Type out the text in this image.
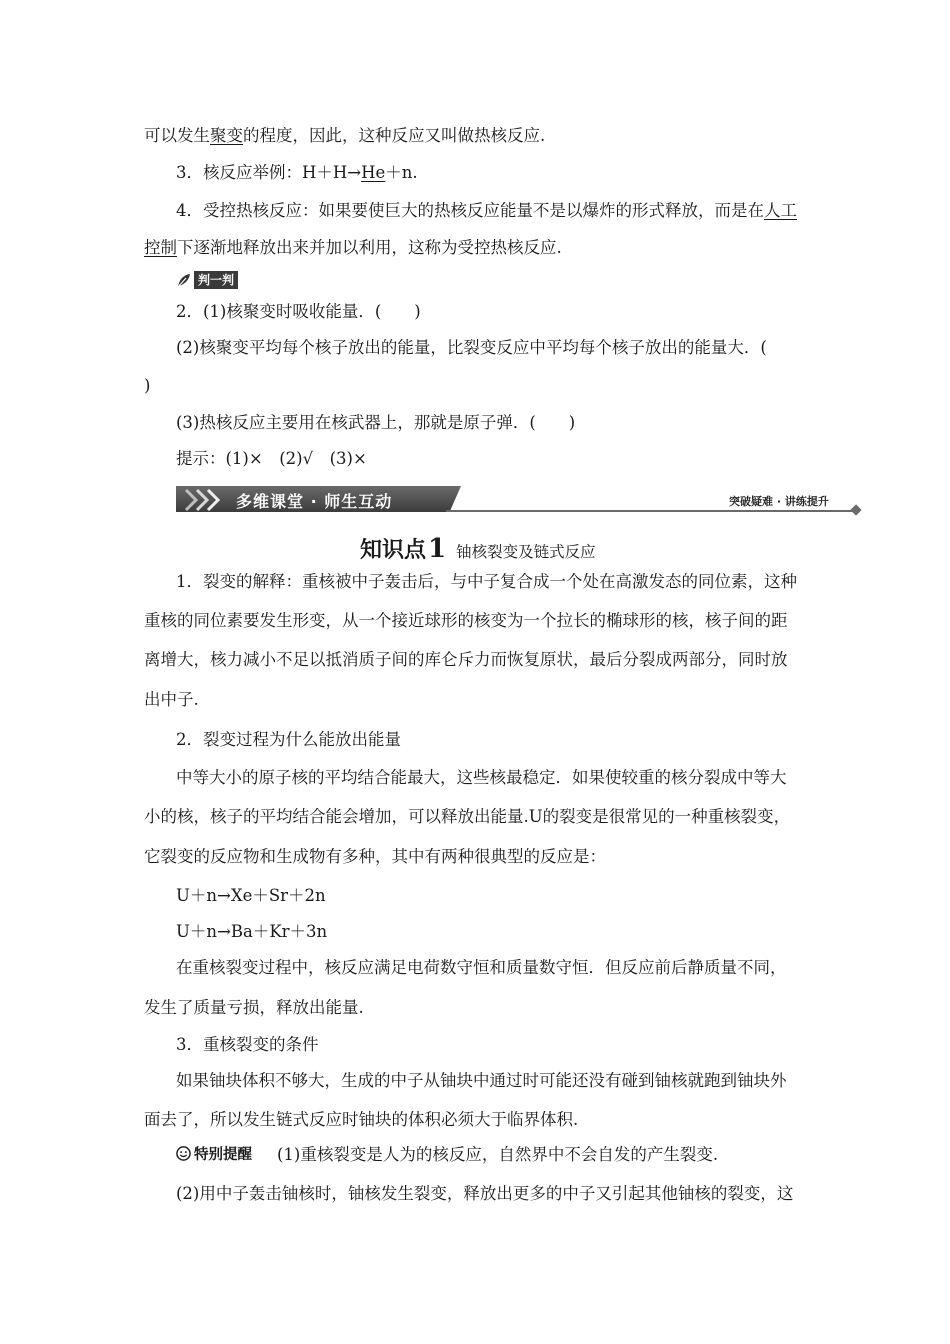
可以发生聚变的程度，因此，这种反应又叫做热核反应.
3．核反应举例：H＋H→He＋n.
4．受控热核反应：如果要使巨大的热核反应能量不是以爆炸的形式释放，而是在人工
控制下逐渐地释放出来并加以利用，这称为受控热核反应.
判一判
2．(1)核聚变时吸收能量．(　　)
(2)核聚变平均每个核子放出的能量，比裂变反应中平均每个核子放出的能量大．(
)
(3)热核反应主要用在核武器上，那就是原子弹．(　　)
提示：(1)×　(2)√　(3)×
多维课堂 · 师生互动	突破疑难 · 讲练提升
知识点 1 铀核裂变及链式反应
1．裂变的解释：重核被中子轰击后，与中子复合成一个处在高激发态的同位素，这种
重核的同位素要发生形变，从一个接近球形的核变为一个拉长的椭球形的核，核子间的距
离增大，核力减小不足以抵消质子间的库仑斥力而恢复原状，最后分裂成两部分，同时放
出中子.
2．裂变过程为什么能放出能量
中等大小的原子核的平均结合能最大，这些核最稳定．如果使较重的核分裂成中等大
小的核，核子的平均结合能会增加，可以释放出能量.U的裂变是很常见的一种重核裂变，
它裂变的反应物和生成物有多种，其中有两种很典型的反应是：
U＋n→Xe＋Sr＋2n
U＋n→Ba＋Kr＋3n
在重核裂变过程中，核反应满足电荷数守恒和质量数守恒．但反应前后静质量不同，
发生了质量亏损，释放出能量.
3．重核裂变的条件
如果铀块体积不够大，生成的中子从铀块中通过时可能还没有碰到铀核就跑到铀块外
面去了，所以发生链式反应时铀块的体积必须大于临界体积.
特别提醒 (1)重核裂变是人为的核反应，自然界中不会自发的产生裂变.
(2)用中子轰击铀核时，铀核发生裂变，释放出更多的中子又引起其他铀核的裂变，这
